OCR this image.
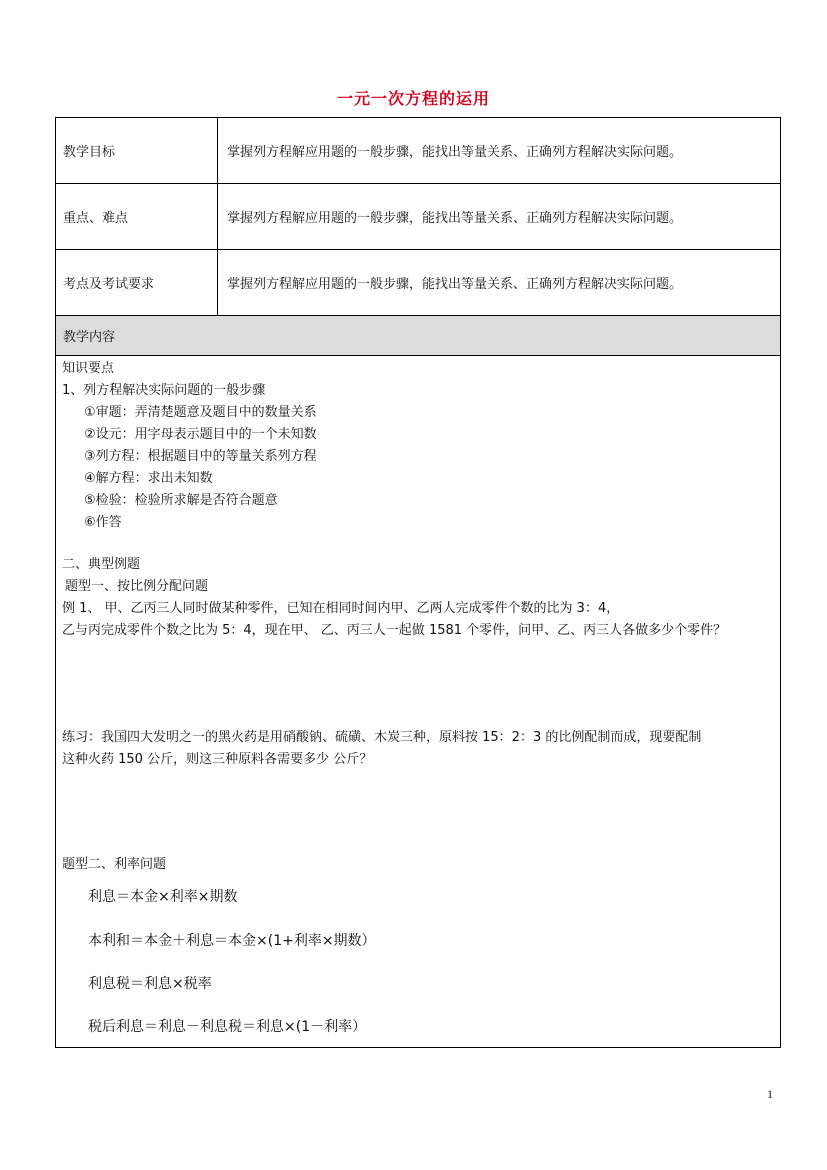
一元一次方程的运用
教学目标	掌握列方程解应用题的一般步骤，能找出等量关系、正确列方程解决实际问题。
重点、难点	掌握列方程解应用题的一般步骤，能找出等量关系、正确列方程解决实际问题。
考点及考试要求	掌握列方程解应用题的一般步骤，能找出等量关系、正确列方程解决实际问题。
教学内容
知识要点
1、列方程解决实际问题的一般步骤
①审题：弄清楚题意及题目中的数量关系
②设元：用字母表示题目中的一个未知数
③列方程：根据题目中的等量关系列方程
④解方程：求出未知数
⑤检验：检验所求解是否符合题意
⑥作答
二、典型例题
题型一、按比例分配问题
例 1、 甲、乙丙三人同时做某种零件，已知在相同时间内甲、乙两人完成零件个数的比为 3：4，
乙与丙完成零件个数之比为 5：4，现在甲、 乙、丙三人一起做 1581 个零件，问甲、乙、丙三人各做多少个零件？
练习：我国四大发明之一的黑火药是用硝酸钠、硫磺、木炭三种，原料按 15：2：3 的比例配制而成，现要配制
这种火药 150 公斤，则这三种原料各需要多少 公斤？
题型二、利率问题
利息＝本金×利率×期数
本利和＝本金＋利息＝本金×(1+利率×期数）
利息税＝利息×税率
税后利息＝利息－利息税＝利息×(1－利率）
1
